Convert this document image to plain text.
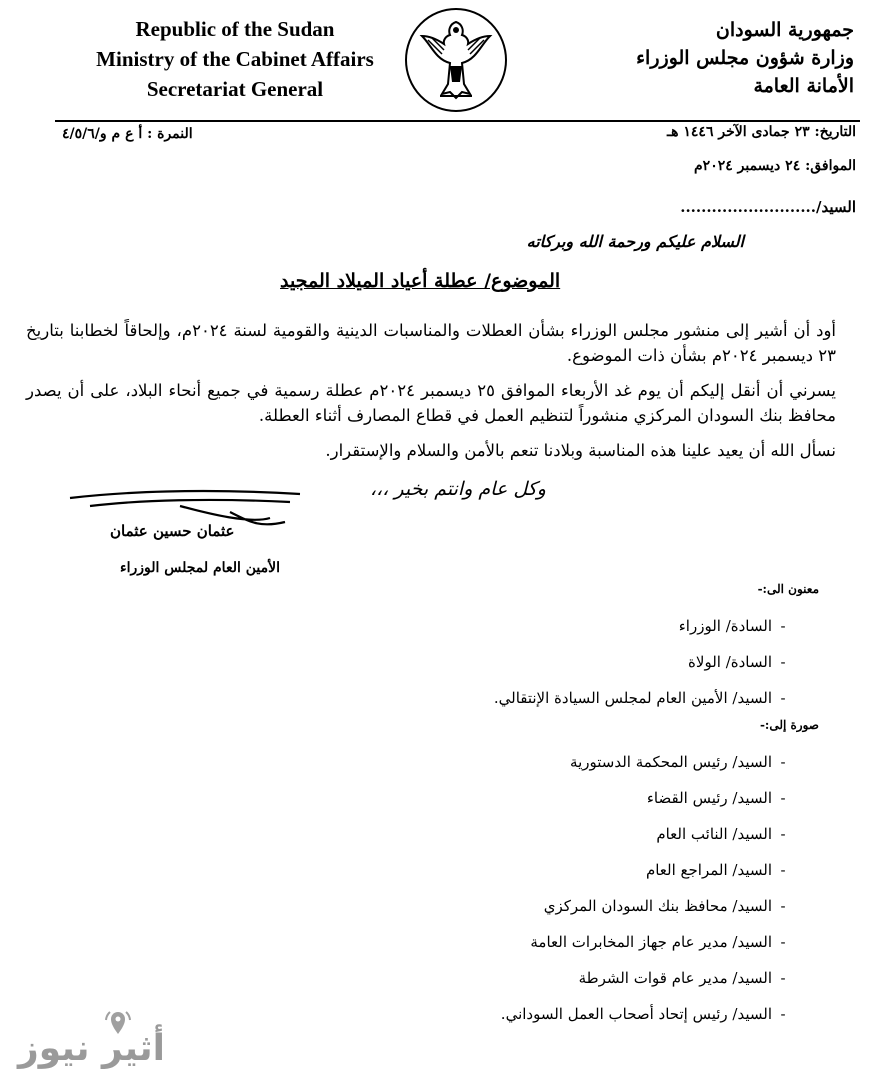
Republic of the Sudan
Ministry of the Cabinet Affairs
Secretariat General
جمهورية السودان
وزارة شؤون مجلس الوزراء
الأمانة العامة
التاريخ: ٢٣ جمادى الآخر ١٤٤٦ هـ
النمرة : أ ع م و/٤/٥/٦
الموافق: ٢٤ ديسمبر ٢٠٢٤م
السيد/..........................
السلام عليكم ورحمة الله وبركاته
الموضوع/ عطلة أعياد الميلاد المجيد
أود أن أشير إلى منشور مجلس الوزراء بشأن العطلات والمناسبات الدينية والقومية لسنة ٢٠٢٤م، وإلحاقاً لخطابنا بتاريخ ٢٣ ديسمبر ٢٠٢٤م بشأن ذات الموضوع.
يسرني أن أنقل إليكم أن يوم غد الأربعاء الموافق ٢٥ ديسمبر ٢٠٢٤م عطلة رسمية في جميع أنحاء البلاد، على أن يصدر محافظ بنك السودان المركزي منشوراً لتنظيم العمل في قطاع المصارف أثناء العطلة.
نسأل الله أن يعيد علينا هذه المناسبة وبلادنا تنعم بالأمن والسلام والإستقرار.
وكل عام وانتم بخير ،،،
عثمان حسين عثمان
الأمين العام لمجلس الوزراء
معنون الى:-
-السادة/ الوزراء
-السادة/ الولاة
-السيد/ الأمين العام لمجلس السيادة الإنتقالي.
صورة إلى:-
-السيد/ رئيس المحكمة الدستورية
-السيد/ رئيس القضاء
-السيد/ النائب العام
-السيد/ المراجع العام
-السيد/ محافظ بنك السودان المركزي
-السيد/ مدير عام جهاز المخابرات العامة
-السيد/ مدير عام قوات الشرطة
-السيد/ رئيس إتحاد أصحاب العمل السوداني.
أثير نيوز
